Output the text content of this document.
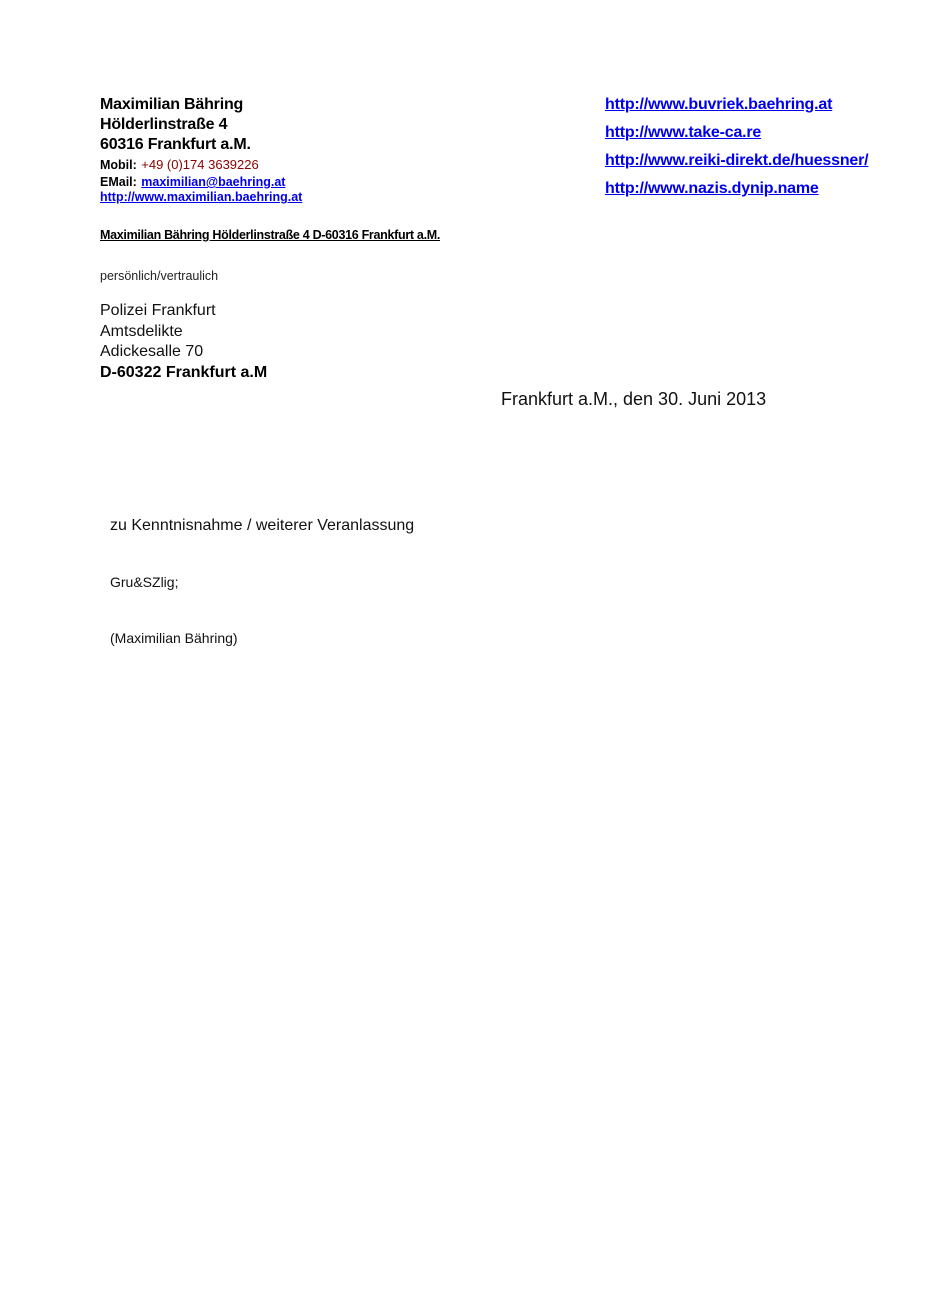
Maximilian Bähring
Hölderlinstraße 4
60316 Frankfurt a.M.
Mobil: +49 (0)174 3639226
EMail: maximilian@baehring.at
http://www.maximilian.baehring.at
http://www.buvriek.baehring.at
http://www.take-ca.re
http://www.reiki-direkt.de/huessner/
http://www.nazis.dynip.name
Maximilian Bähring Hölderlinstraße 4 D-60316 Frankfurt a.M.
persönlich/vertraulich
Polizei Frankfurt
Amtsdelikte
Adickesalle 70
D-60322 Frankfurt a.M
Frankfurt a.M., den 30. Juni 2013
zu Kenntnisnahme / weiterer Veranlassung
Gru&SZlig;
(Maximilian Bähring)
